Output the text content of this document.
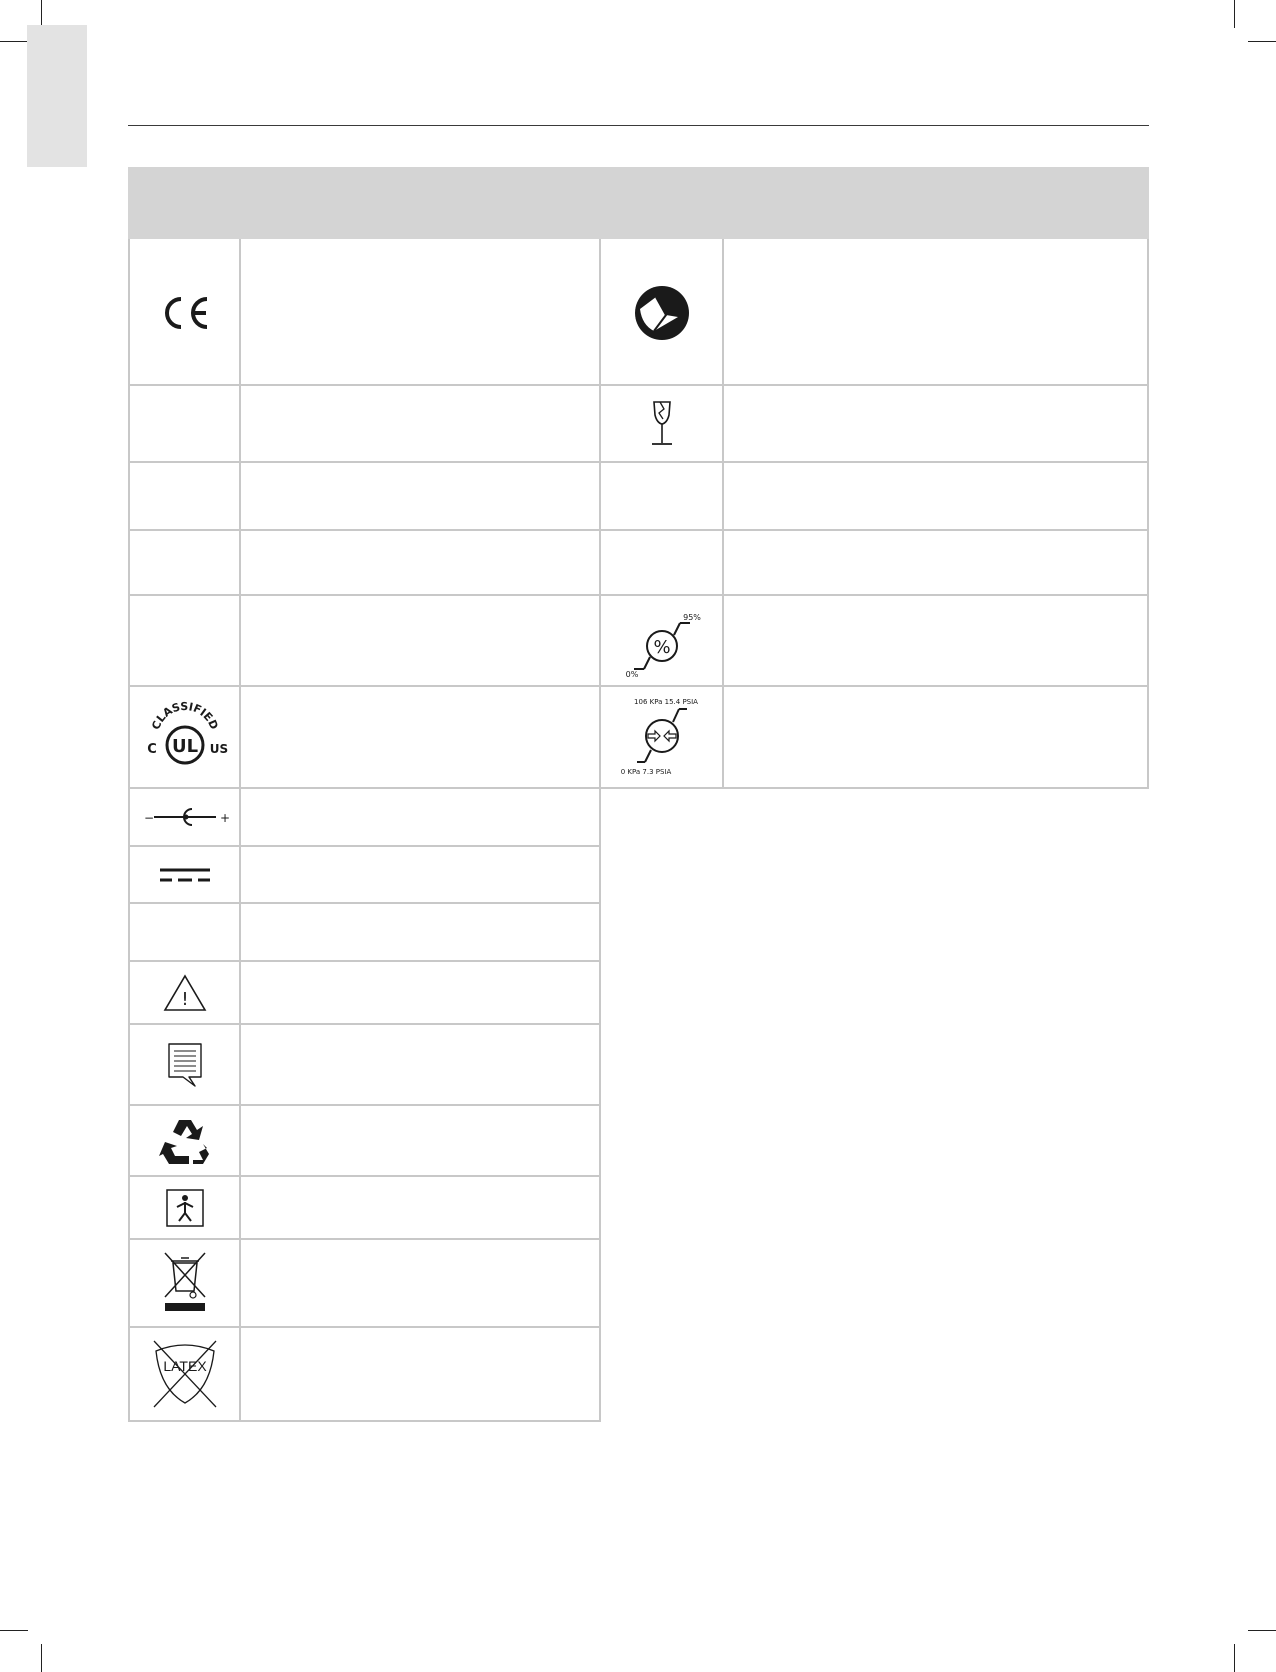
CLASSIFIED
UL
C	US
−	+
!
LATEX
95%
%
0%
106 KPa 15.4 PSIA
0 KPa 7.3 PSIA
